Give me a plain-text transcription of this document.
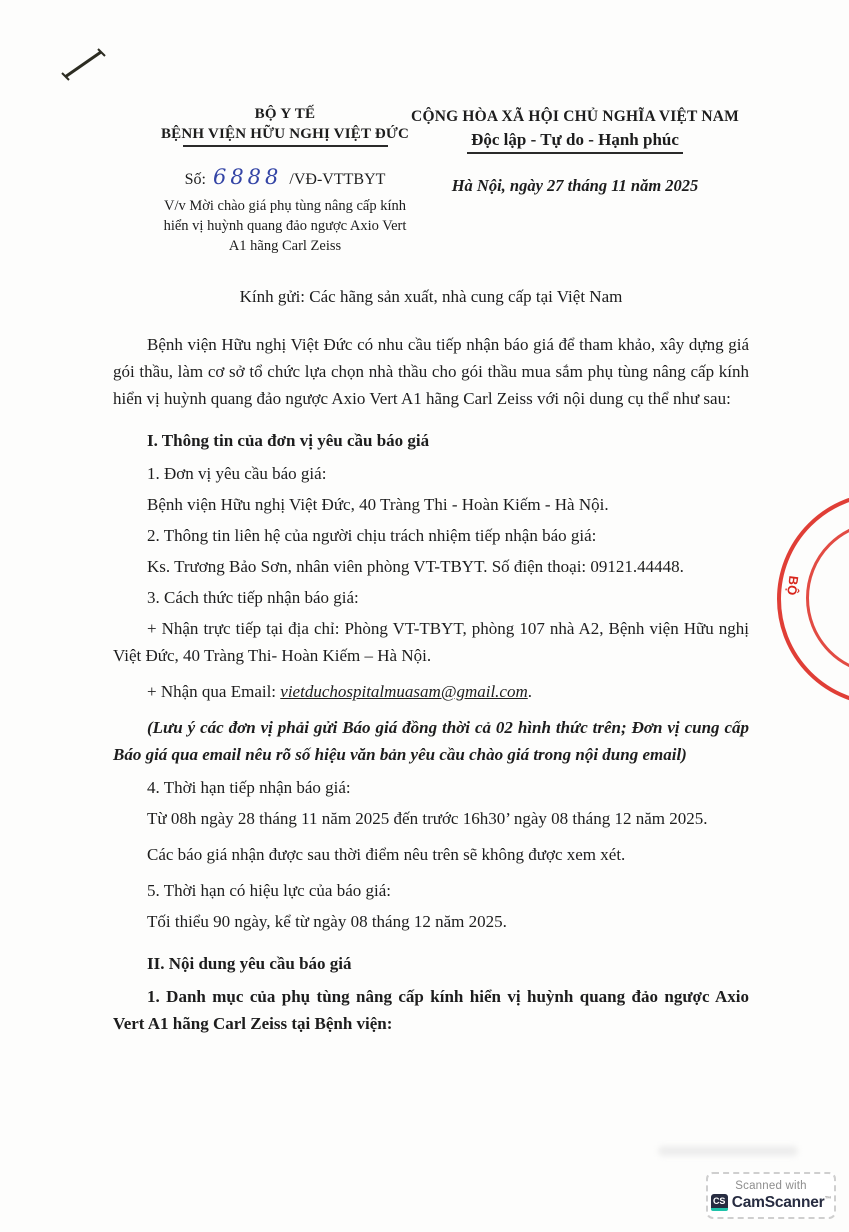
BỘ Y TẾ
BỆNH VIỆN HỮU NGHỊ VIỆT ĐỨC
Số: 6888 /VĐ-VTTBYT
V/v Mời chào giá phụ tùng nâng cấp kính
hiển vị huỳnh quang đảo ngược Axio Vert
A1 hãng Carl Zeiss
CỘNG HÒA XÃ HỘI CHỦ NGHĨA VIỆT NAM
Độc lập - Tự do - Hạnh phúc
Hà Nội, ngày 27 tháng 11 năm 2025

Kính gửi: Các hãng sản xuất, nhà cung cấp tại Việt Nam

Bệnh viện Hữu nghị Việt Đức có nhu cầu tiếp nhận báo giá để tham khảo, xây dựng giá gói thầu, làm cơ sở tổ chức lựa chọn nhà thầu cho gói thầu mua sắm phụ tùng nâng cấp kính hiển vị huỳnh quang đảo ngược Axio Vert A1 hãng Carl Zeiss với nội dung cụ thể như sau:

I. Thông tin của đơn vị yêu cầu báo giá

1. Đơn vị yêu cầu báo giá:

Bệnh viện Hữu nghị Việt Đức, 40 Tràng Thi - Hoàn Kiếm - Hà Nội.

2. Thông tin liên hệ của người chịu trách nhiệm tiếp nhận báo giá:

Ks. Trương Bảo Sơn, nhân viên phòng VT-TBYT. Số điện thoại: 09121.44448.

3. Cách thức tiếp nhận báo giá:

+ Nhận trực tiếp tại địa chỉ: Phòng VT-TBYT, phòng 107 nhà A2, Bệnh viện Hữu nghị Việt Đức, 40 Tràng Thi- Hoàn Kiếm – Hà Nội.

+ Nhận qua Email: vietduchospitalmuasam@gmail.com.

(Lưu ý các đơn vị phải gửi Báo giá đồng thời cả 02 hình thức trên; Đơn vị cung cấp Báo giá qua email nêu rõ số hiệu văn bản yêu cầu chào giá trong nội dung email)

4. Thời hạn tiếp nhận báo giá:

Từ 08h ngày 28 tháng 11 năm 2025 đến trước 16h30’ ngày 08 tháng 12 năm 2025.

Các báo giá nhận được sau thời điểm nêu trên sẽ không được xem xét.

5. Thời hạn có hiệu lực của báo giá:

Tối thiểu 90 ngày, kể từ ngày 08 tháng 12 năm 2025.

II. Nội dung yêu cầu báo giá

1. Danh mục của phụ tùng nâng cấp kính hiển vị huỳnh quang đảo ngược Axio Vert A1 hãng Carl Zeiss tại Bệnh viện:

BỘ
Scanned with
CS CamScanner™
